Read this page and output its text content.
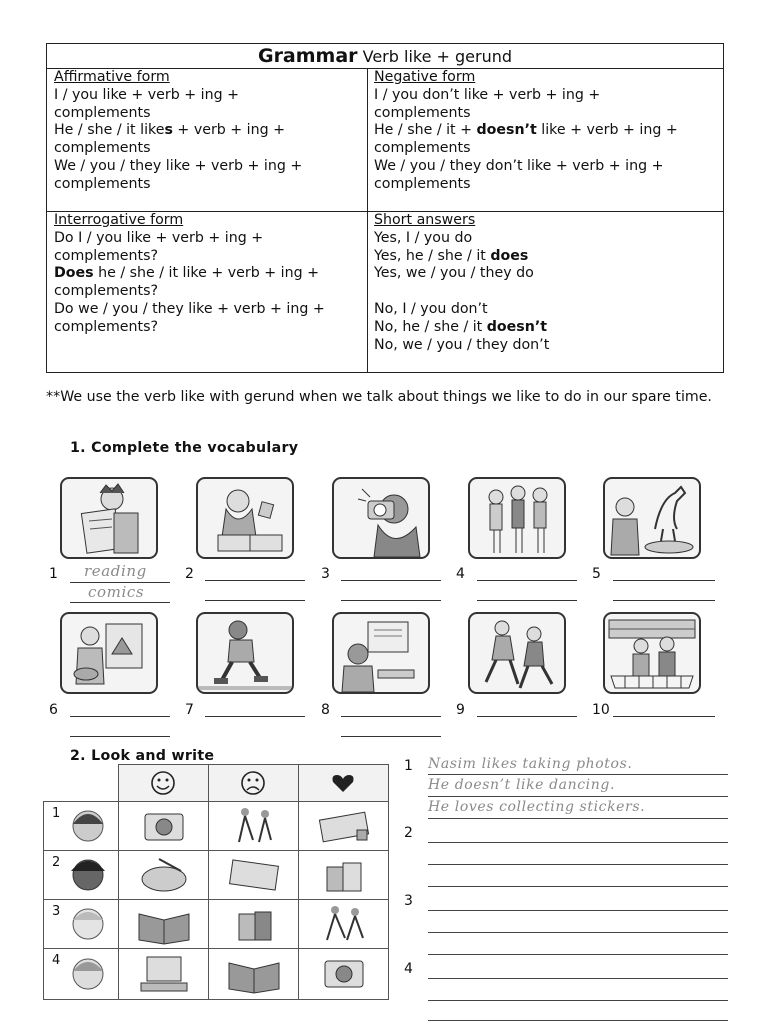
Grammar Verb like + gerund
Affirmative form
I / you like + verb + ing +
complements
He / she / it likes + verb + ing +
complements
We / you / they like + verb + ing +
complements
Negative form
I / you don’t like + verb + ing +
complements
He / she / it + doesn’t like + verb + ing +
complements
We / you / they don’t like + verb + ing +
complements
Interrogative form
Do I / you like + verb + ing +
complements?
Does he / she / it like + verb + ing +
complements?
Do we / you / they like + verb + ing +
complements?
Short answers
Yes, I / you do
Yes, he / she / it does
Yes, we / you / they do
No, I / you don’t
No, he / she / it doesn’t
No, we / you / they don’t
**We use the verb like with gerund when we talk about things we like to do in our spare time.
1. Complete the vocabulary
1 reading
comics
2	3	4	5
6	7	8	9	10
2. Look and write
1
2
3
4
1 Nasim likes taking photos.
He doesn’t like dancing.
He loves collecting stickers.
2
3
4
